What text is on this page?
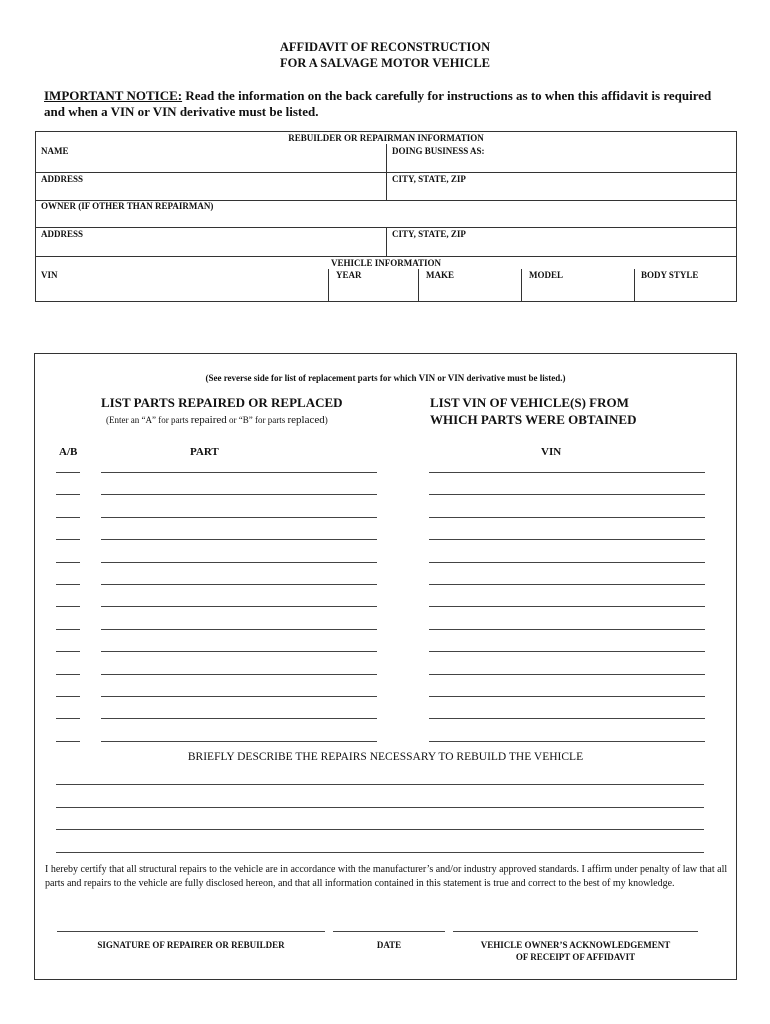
AFFIDAVIT OF RECONSTRUCTION
FOR A SALVAGE MOTOR VEHICLE
IMPORTANT NOTICE: Read the information on the back carefully for instructions as to when this affidavit is required and when a VIN or VIN derivative must be listed.
REBUILDER OR REPAIRMAN INFORMATION
NAME	DOING BUSINESS AS:
ADDRESS	CITY, STATE, ZIP
OWNER (IF OTHER THAN REPAIRMAN)
ADDRESS	CITY, STATE, ZIP
VEHICLE INFORMATION
VIN	YEAR	MAKE	MODEL	BODY STYLE
(See reverse side for list of replacement parts for which VIN or VIN derivative must be listed.)
LIST PARTS REPAIRED OR REPLACED
(Enter an “A” for parts repaired or “B” for parts replaced)
LIST VIN OF VEHICLE(S) FROM
WHICH PARTS WERE OBTAINED
A/B	PART	VIN
BRIEFLY DESCRIBE THE REPAIRS NECESSARY TO REBUILD THE VEHICLE
I hereby certify that all structural repairs to the vehicle are in accordance with the manufacturer’s and/or industry approved standards. I affirm under penalty of law that all parts and repairs to the vehicle are fully disclosed hereon, and that all information contained in this statement is true and correct to the best of my knowledge.
SIGNATURE OF REPAIRER OR REBUILDER	DATE	VEHICLE OWNER’S ACKNOWLEDGEMENT
OF RECEIPT OF AFFIDAVIT
